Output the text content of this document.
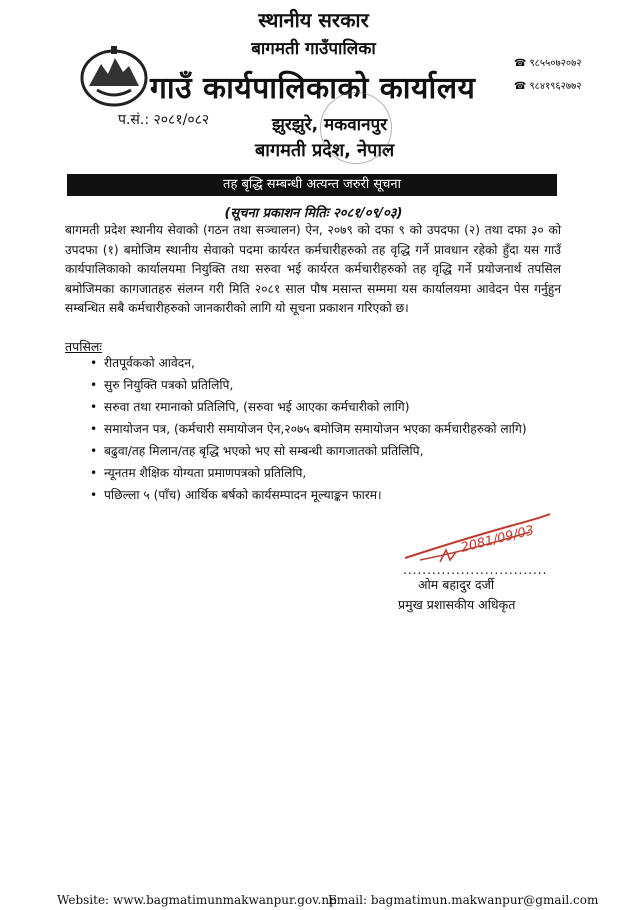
स्थानीय सरकार
बागमती गाउँपालिका
गाउँ कार्यपालिकाको कार्यालय
प.सं.: २०८१/०८२	झुरझुरे, मकवानपुर
बागमती प्रदेश, नेपाल
☎ ९८५५०७२०७२
☎ ९८४१९६२७७२
तह बृद्धि सम्बन्धी अत्यन्त जरुरी सूचना
(सूचना प्रकाशन मितिः २०८१/०९/०३)
बागमती प्रदेश स्थानीय सेवाको (गठन तथा सञ्चालन) ऐन, २०७९ को दफा ९ को उपदफा (२) तथा दफा ३० को उपदफा (१) बमोजिम स्थानीय सेवाको पदमा कार्यरत कर्मचारीहरुको तह वृद्धि गर्ने प्रावधान रहेको हुँदा यस गाउँ कार्यपालिकाको कार्यालयमा नियुक्ति तथा सरुवा भई कार्यरत कर्मचारीहरुको तह वृद्धि गर्ने प्रयोजनार्थ तपसिल बमोजिमका कागजातहरु संलग्न गरी मिति २०८१ साल पौष मसान्त सम्ममा यस कार्यालयमा आवेदन पेस गर्नुहुन सम्बन्धित सबै कर्मचारीहरुको जानकारीको लागि यो सूचना प्रकाशन गरिएको छ।
तपसिलः
• रीतपूर्वकको आवेदन,
• सुरु नियुक्ति पत्रको प्रतिलिपि,
• सरुवा तथा रमानाको प्रतिलिपि, (सरुवा भई आएका कर्मचारीको लागि)
• समायोजन पत्र, (कर्मचारी समायोजन ऐन,२०७५ बमोजिम समायोजन भएका कर्मचारीहरुको लागि)
• बढुवा/तह मिलान/तह बृद्धि भएको भए सो सम्बन्धी कागजातको प्रतिलिपि,
• न्यूनतम शैक्षिक योग्यता प्रमाणपत्रको प्रतिलिपि,
• पछिल्ला ५ (पाँच) आर्थिक बर्षको कार्यसम्पादन मूल्याङ्कन फारम।
2081/09/03
..............................
ओम बहादुर दर्जी
प्रमुख प्रशासकीय अधिकृत
Website: www.bagmatimunmakwanpur.gov.np
Email: bagmatimun.makwanpur@gmail.com
